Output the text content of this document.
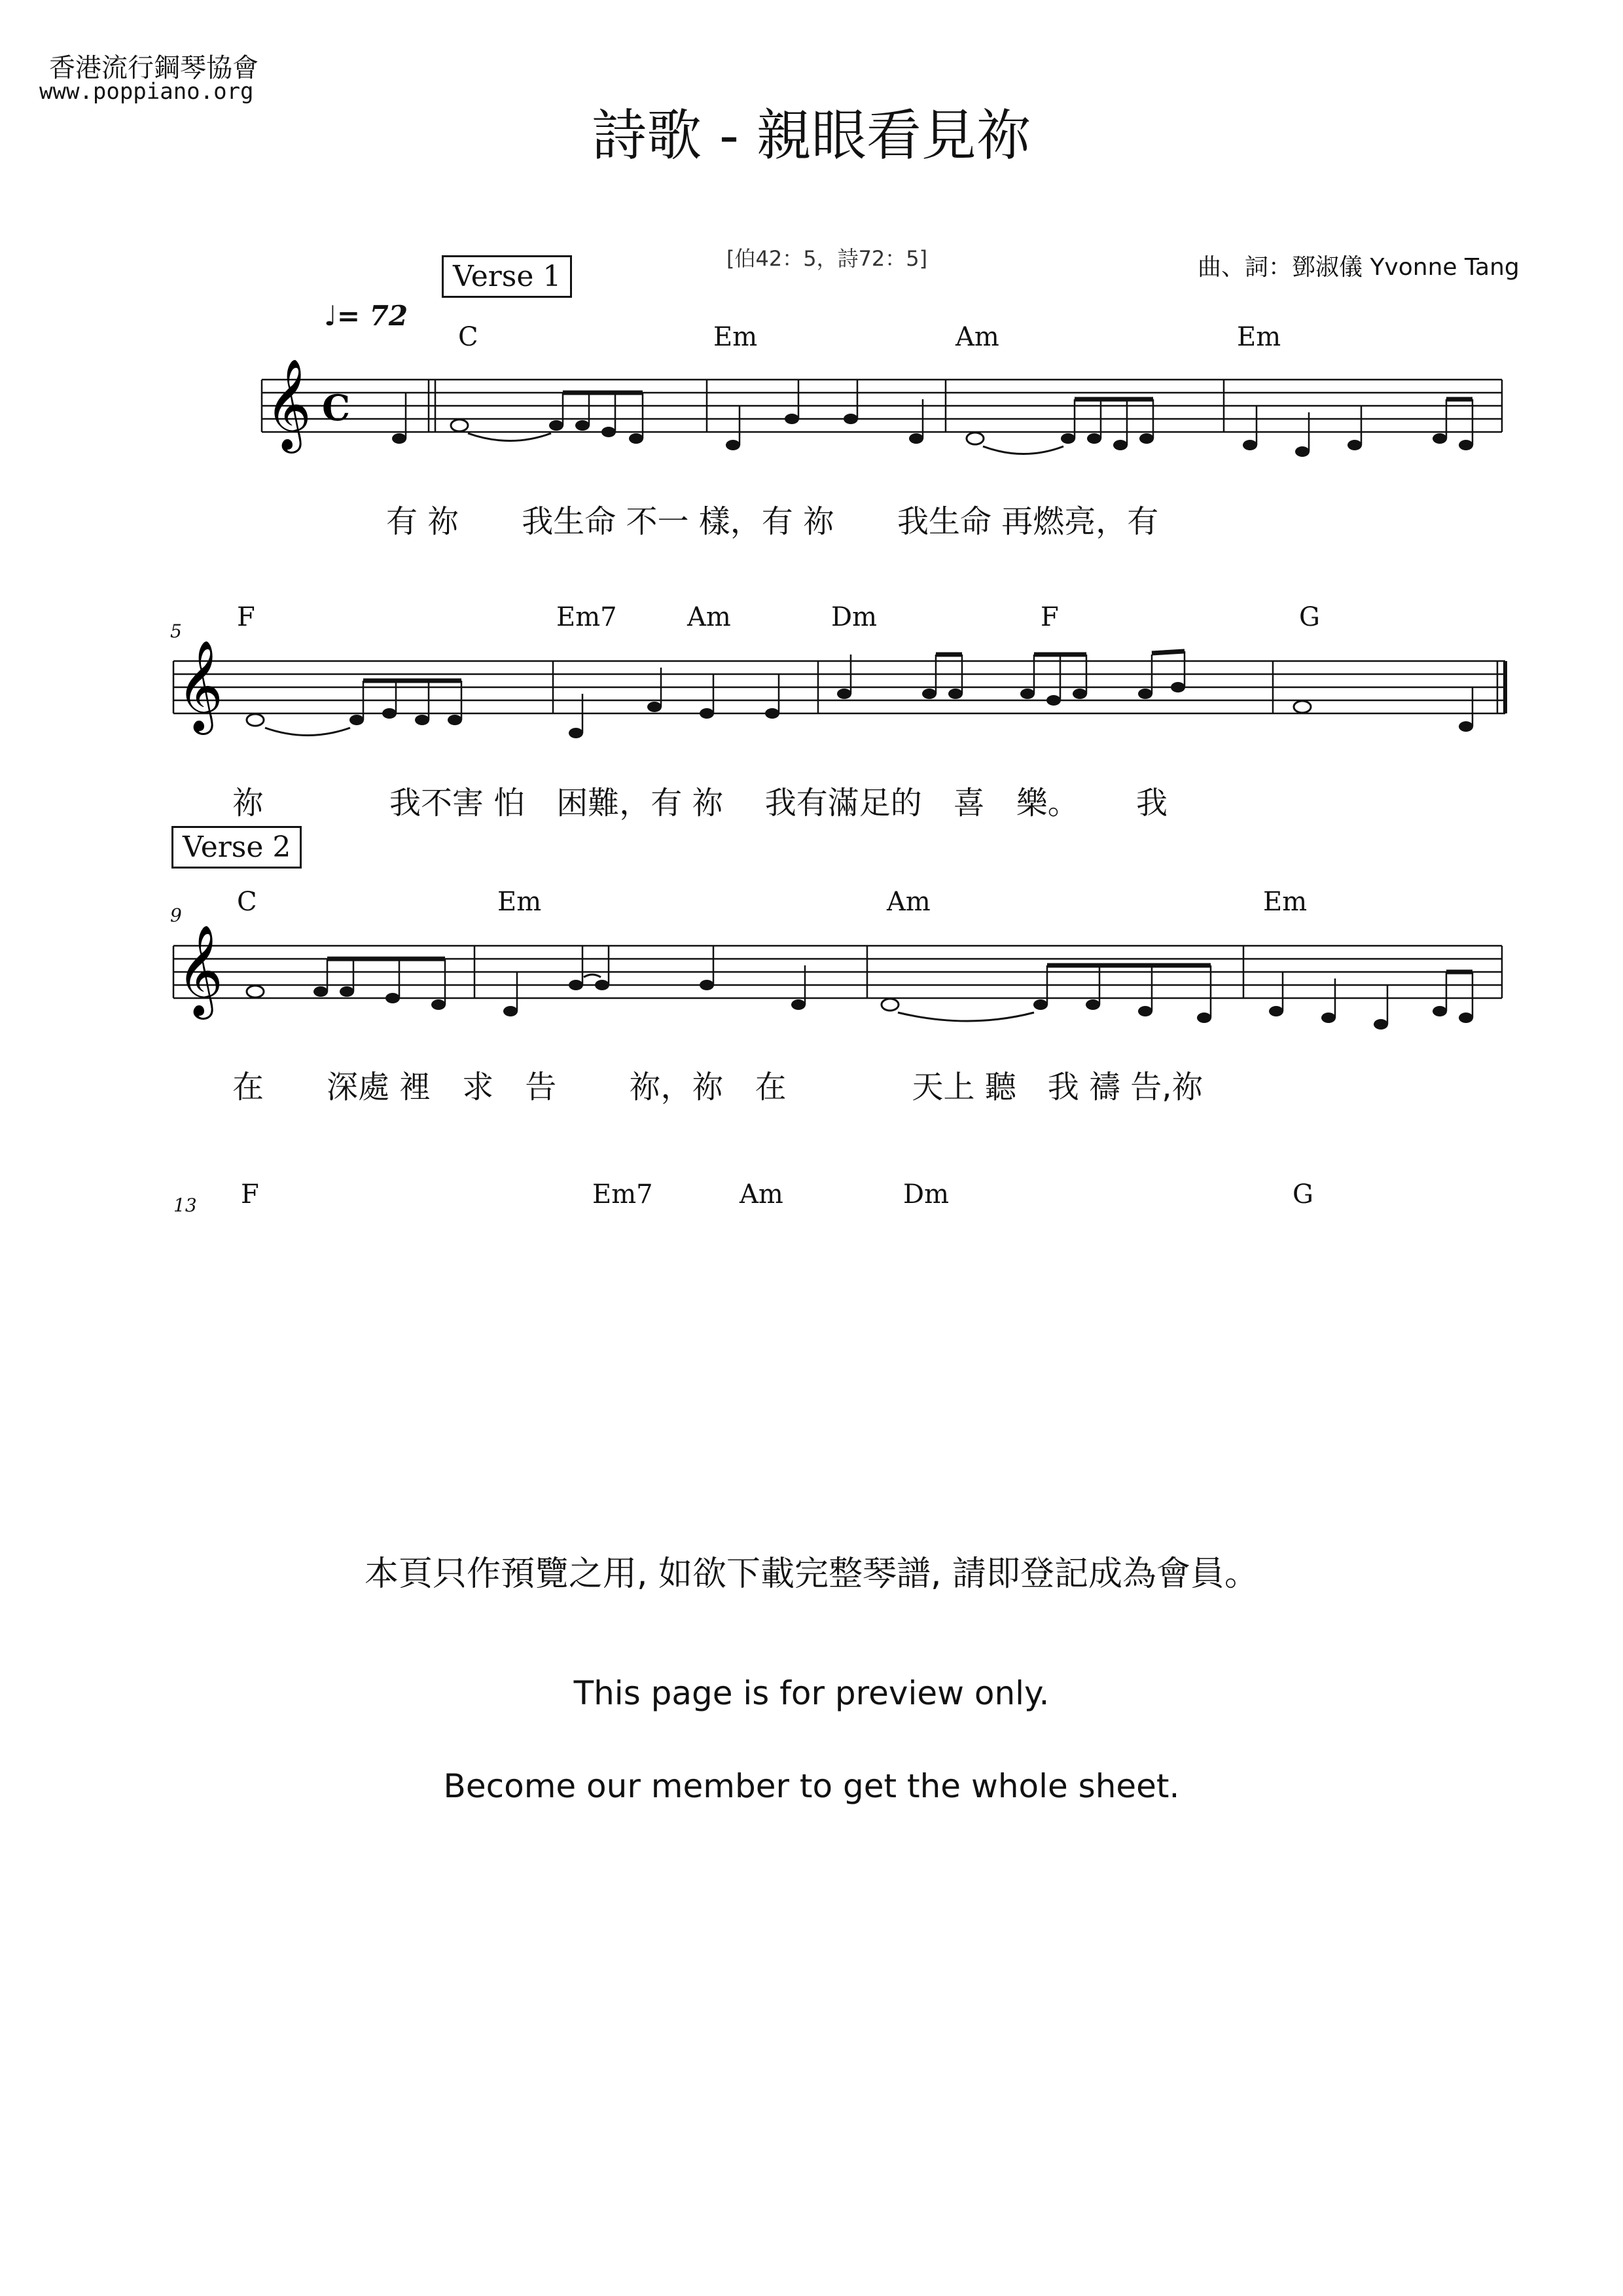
香港流行鋼琴協會
www.poppiano.org
詩歌 - 親眼看見祢
[伯42：5，詩72：5]	曲、詞：鄧淑儀 Yvonne Tang
♩= 72
Verse 1
Verse 2
C	Em	Am	Em
𝄞 C
有 祢　　我生命 不一 樣，有 祢　　我生命 再燃亮，有
5 F	Em7	Am	Dm	F	G
𝄞
祢　　　　我不害 怕　困難，有 祢　 我有滿足的　喜　樂。　　 我
9 C	Em	Am	Em
𝄞
在　　深處 裡　求　告　　 祢，祢　在　　　　天上 聽　我 禱 告,祢
13 F	Em7	Am	Dm	G
本頁只作預覽之用, 如欲下載完整琴譜, 請即登記成為會員。
This page is for preview only.
Become our member to get the whole sheet.
